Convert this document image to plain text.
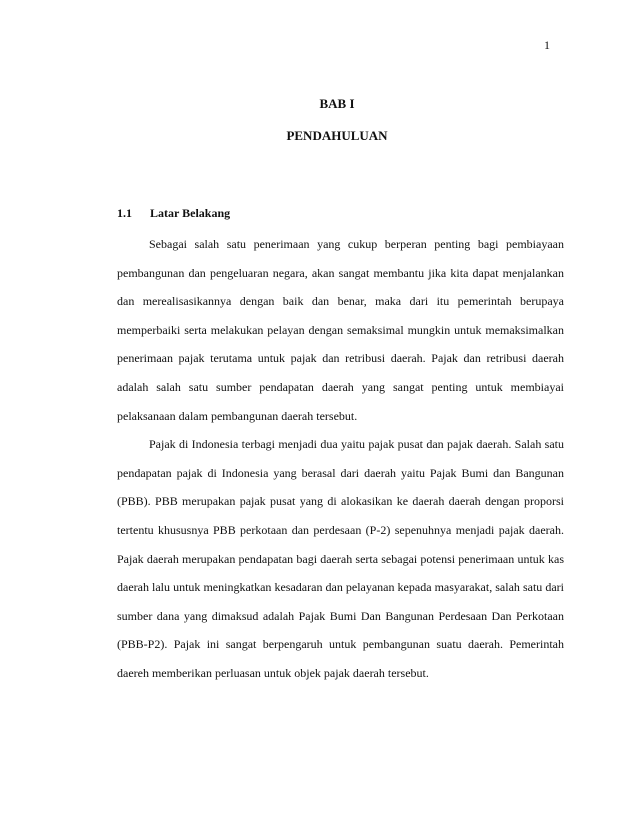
1
BAB I
PENDAHULUAN
1.1 Latar Belakang

Sebagai salah satu penerimaan yang cukup berperan penting bagi pembiayaan pembangunan dan pengeluaran negara, akan sangat membantu jika kita dapat menjalankan dan merealisasikannya dengan baik dan benar, maka dari itu pemerintah berupaya memperbaiki serta melakukan pelayan dengan semaksimal mungkin untuk memaksimalkan penerimaan pajak terutama untuk pajak dan retribusi daerah. Pajak dan retribusi daerah adalah salah satu sumber pendapatan daerah yang sangat penting untuk membiayai pelaksanaan dalam pembangunan daerah tersebut.

Pajak di Indonesia terbagi menjadi dua yaitu pajak pusat dan pajak daerah. Salah satu pendapatan pajak di Indonesia yang berasal dari daerah yaitu Pajak Bumi dan Bangunan (PBB). PBB merupakan pajak pusat yang di alokasikan ke daerah daerah dengan proporsi tertentu khususnya PBB perkotaan dan perdesaan (P-2) sepenuhnya menjadi pajak daerah. Pajak daerah merupakan pendapatan bagi daerah serta sebagai potensi penerimaan untuk kas daerah lalu untuk meningkatkan kesadaran dan pelayanan kepada masyarakat, salah satu dari sumber dana yang dimaksud adalah Pajak Bumi Dan Bangunan Perdesaan Dan Perkotaan (PBB-P2). Pajak ini sangat berpengaruh untuk pembangunan suatu daerah. Pemerintah daereh memberikan perluasan untuk objek pajak daerah tersebut.
